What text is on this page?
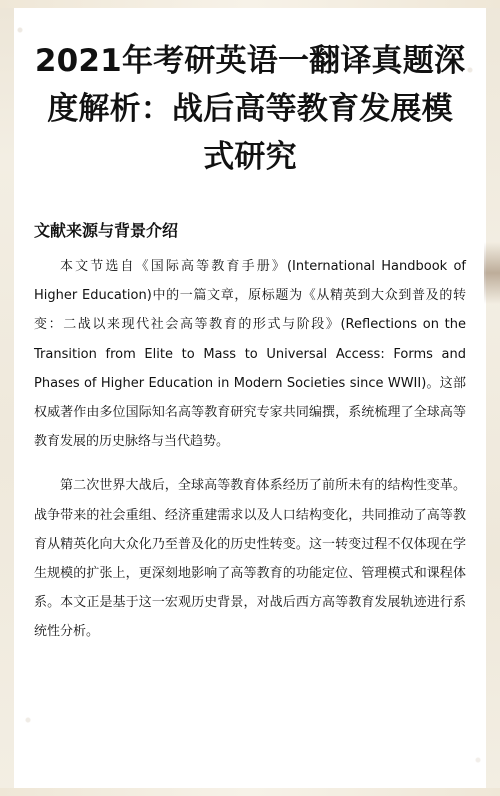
2021年考研英语一翻译真题深度解析：战后高等教育发展模式研究
文献来源与背景介绍

本文节选自《国际高等教育手册》(International Handbook of Higher Education)中的一篇文章，原标题为《从精英到大众到普及的转变：二战以来现代社会高等教育的形式与阶段》(Reflections on the Transition from Elite to Mass to Universal Access: Forms and Phases of Higher Education in Modern Societies since WWII)。这部权威著作由多位国际知名高等教育研究专家共同编撰，系统梳理了全球高等教育发展的历史脉络与当代趋势。

第二次世界大战后，全球高等教育体系经历了前所未有的结构性变革。战争带来的社会重组、经济重建需求以及人口结构变化，共同推动了高等教育从精英化向大众化乃至普及化的历史性转变。这一转变过程不仅体现在学生规模的扩张上，更深刻地影响了高等教育的功能定位、管理模式和课程体系。本文正是基于这一宏观历史背景，对战后西方高等教育发展轨迹进行系统性分析。
